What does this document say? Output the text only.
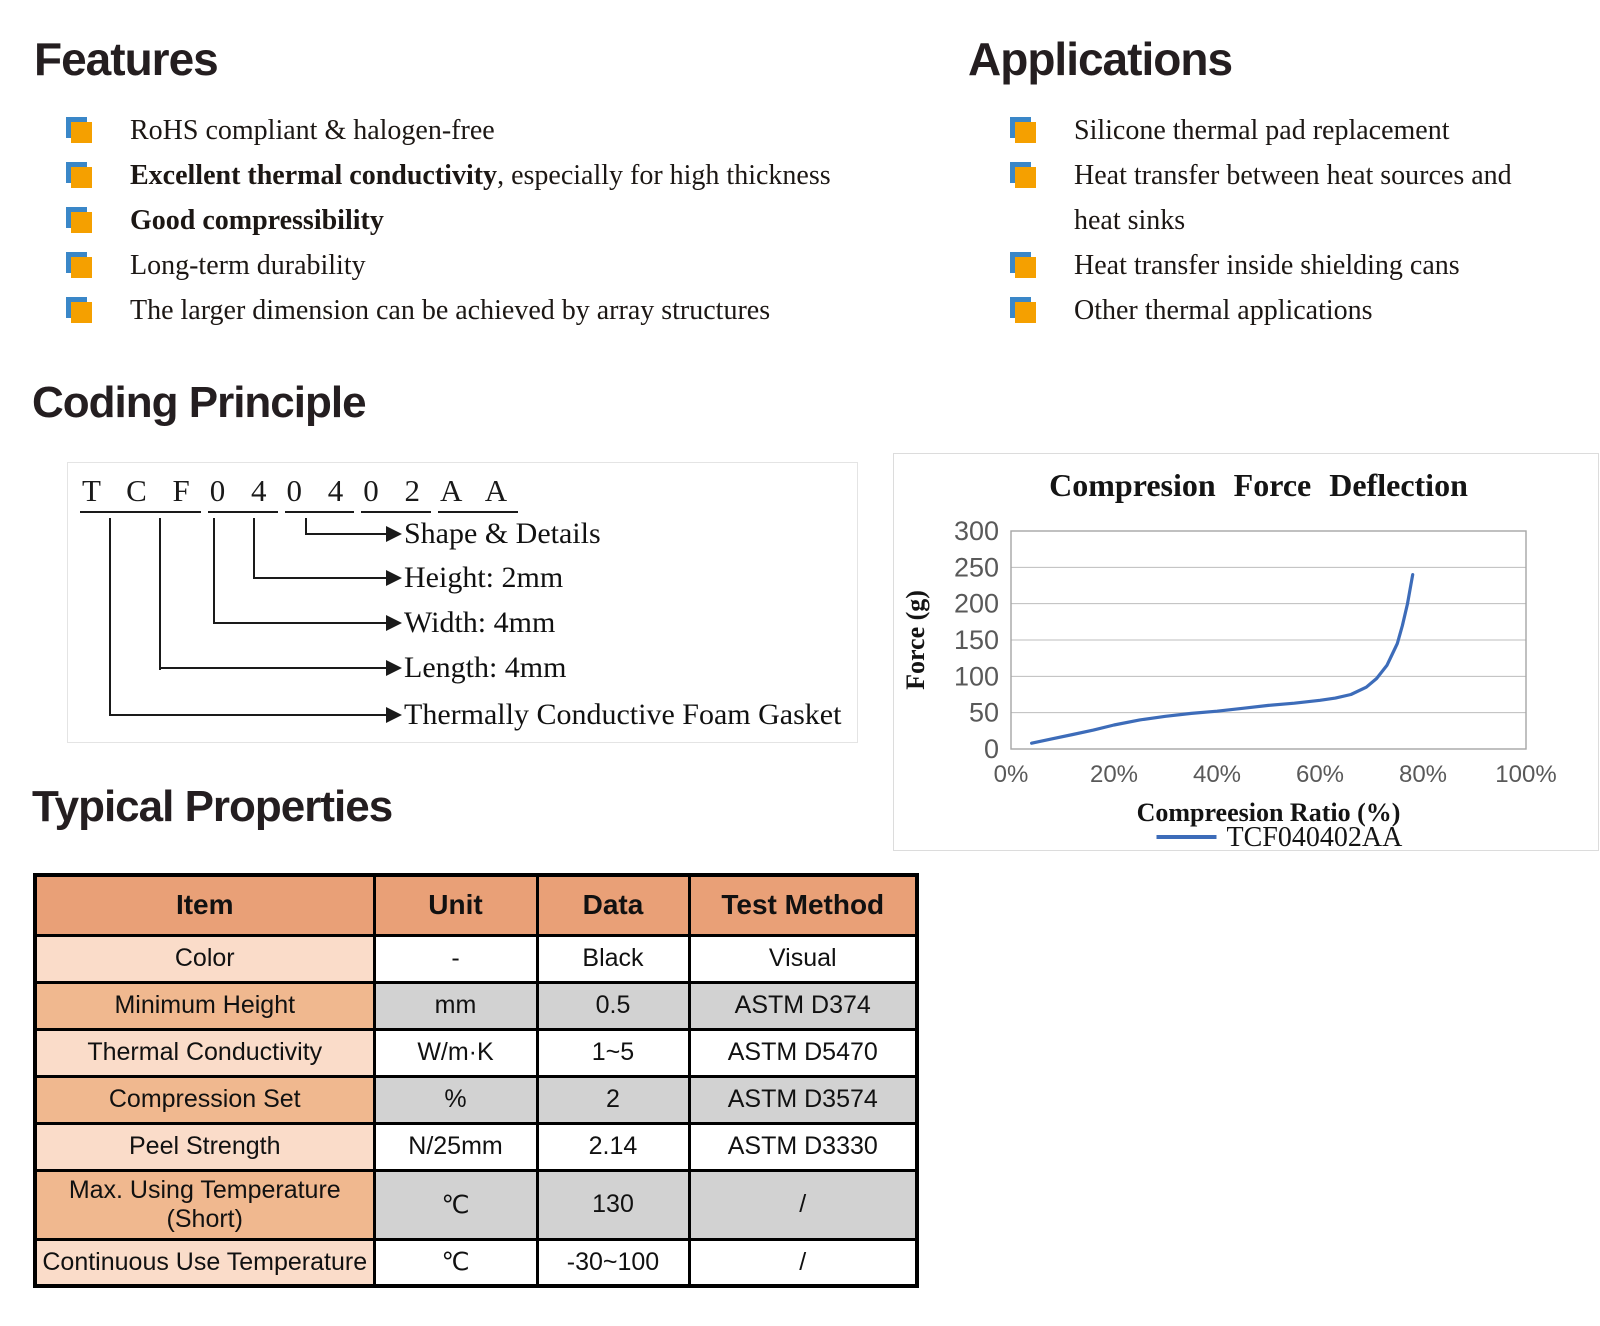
Features
RoHS compliant & halogen-free
Excellent thermal conductivity, especially for high thickness
Good compressibility
Long-term durability
The larger dimension can be achieved by array structures
Applications
Silicone thermal pad replacement
Heat transfer between heat sources and heat sinks
Heat transfer inside shielding cans
Other thermal applications
Coding Principle
T C F 0 4 0 4 0 2 A A
Shape & Details
Height: 2mm
Width: 4mm
Length: 4mm
Thermally Conductive Foam Gasket
0
50
100
150
200
250
300
0%	20% 40% 60% 80% 100%
Compresion Force Deflection
Compreesion Ratio (%)
Force (g)
TCF040402AA
Typical Properties
Item	Unit	Data	Test Method
Color	-	Black	Visual
Minimum Height	mm	0.5	ASTM D374
Thermal Conductivity	W/m·K	1~5	ASTM D5470
Compression Set	%	2	ASTM D3574
Peel Strength	N/25mm	2.14	ASTM D3330
Max. Using Temperature (Short)	℃	130	/
Continuous Use Temperature	℃	-30~100	/
